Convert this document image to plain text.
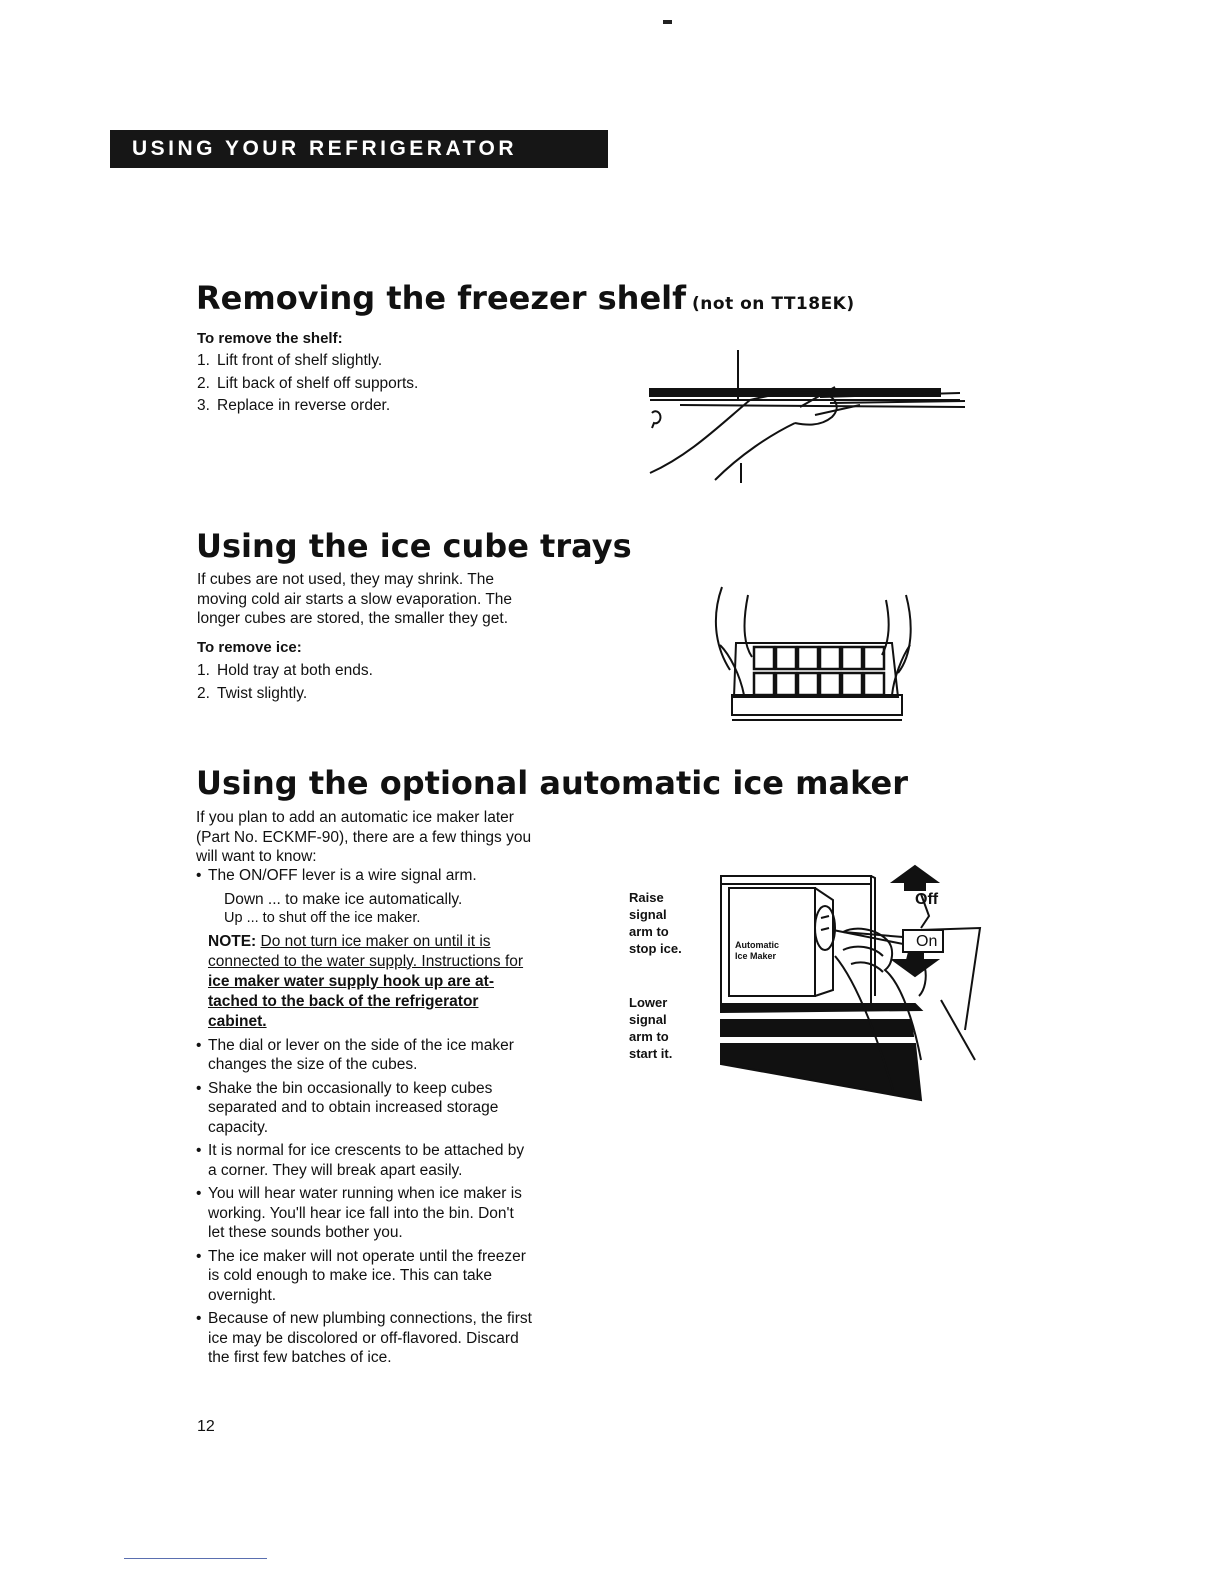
USING YOUR REFRIGERATOR
Removing the freezer shelf (not on TT18EK)
To remove the shelf:
1. Lift front of shelf slightly.
2. Lift back of shelf off supports.
3. Replace in reverse order.
Using the ice cube trays
If cubes are not used, they may shrink. The
moving cold air starts a slow evaporation. The
longer cubes are stored, the smaller they get.
To remove ice:
1. Hold tray at both ends.
2. Twist slightly.
Using the optional automatic ice maker
If you plan to add an automatic ice maker later
(Part No. ECKMF-90), there are a few things you
will want to know:
• The ON/OFF lever is a wire signal arm.
Down ... to make ice automatically.
Up ... to shut off the ice maker.
NOTE: Do not turn ice maker on until it is
connected to the water supply. Instructions for
ice maker water supply hook up are at-
tached to the back of the refrigerator
cabinet.
• The dial or lever on the side of the ice maker
changes the size of the cubes.
• Shake the bin occasionally to keep cubes
separated and to obtain increased storage
capacity.
• It is normal for ice crescents to be attached by
a corner. They will break apart easily.
• You will hear water running when ice maker is
working. You'll hear ice fall into the bin. Don't
let these sounds bother you.
• The ice maker will not operate until the freezer
is cold enough to make ice. This can take
overnight.
• Because of new plumbing connections, the first
ice may be discolored or off-flavored. Discard
the first few batches of ice.
Raise
signal
arm to
stop ice.
Lower
signal
arm to
start it.
Off
On
Automatic
Ice Maker
12
